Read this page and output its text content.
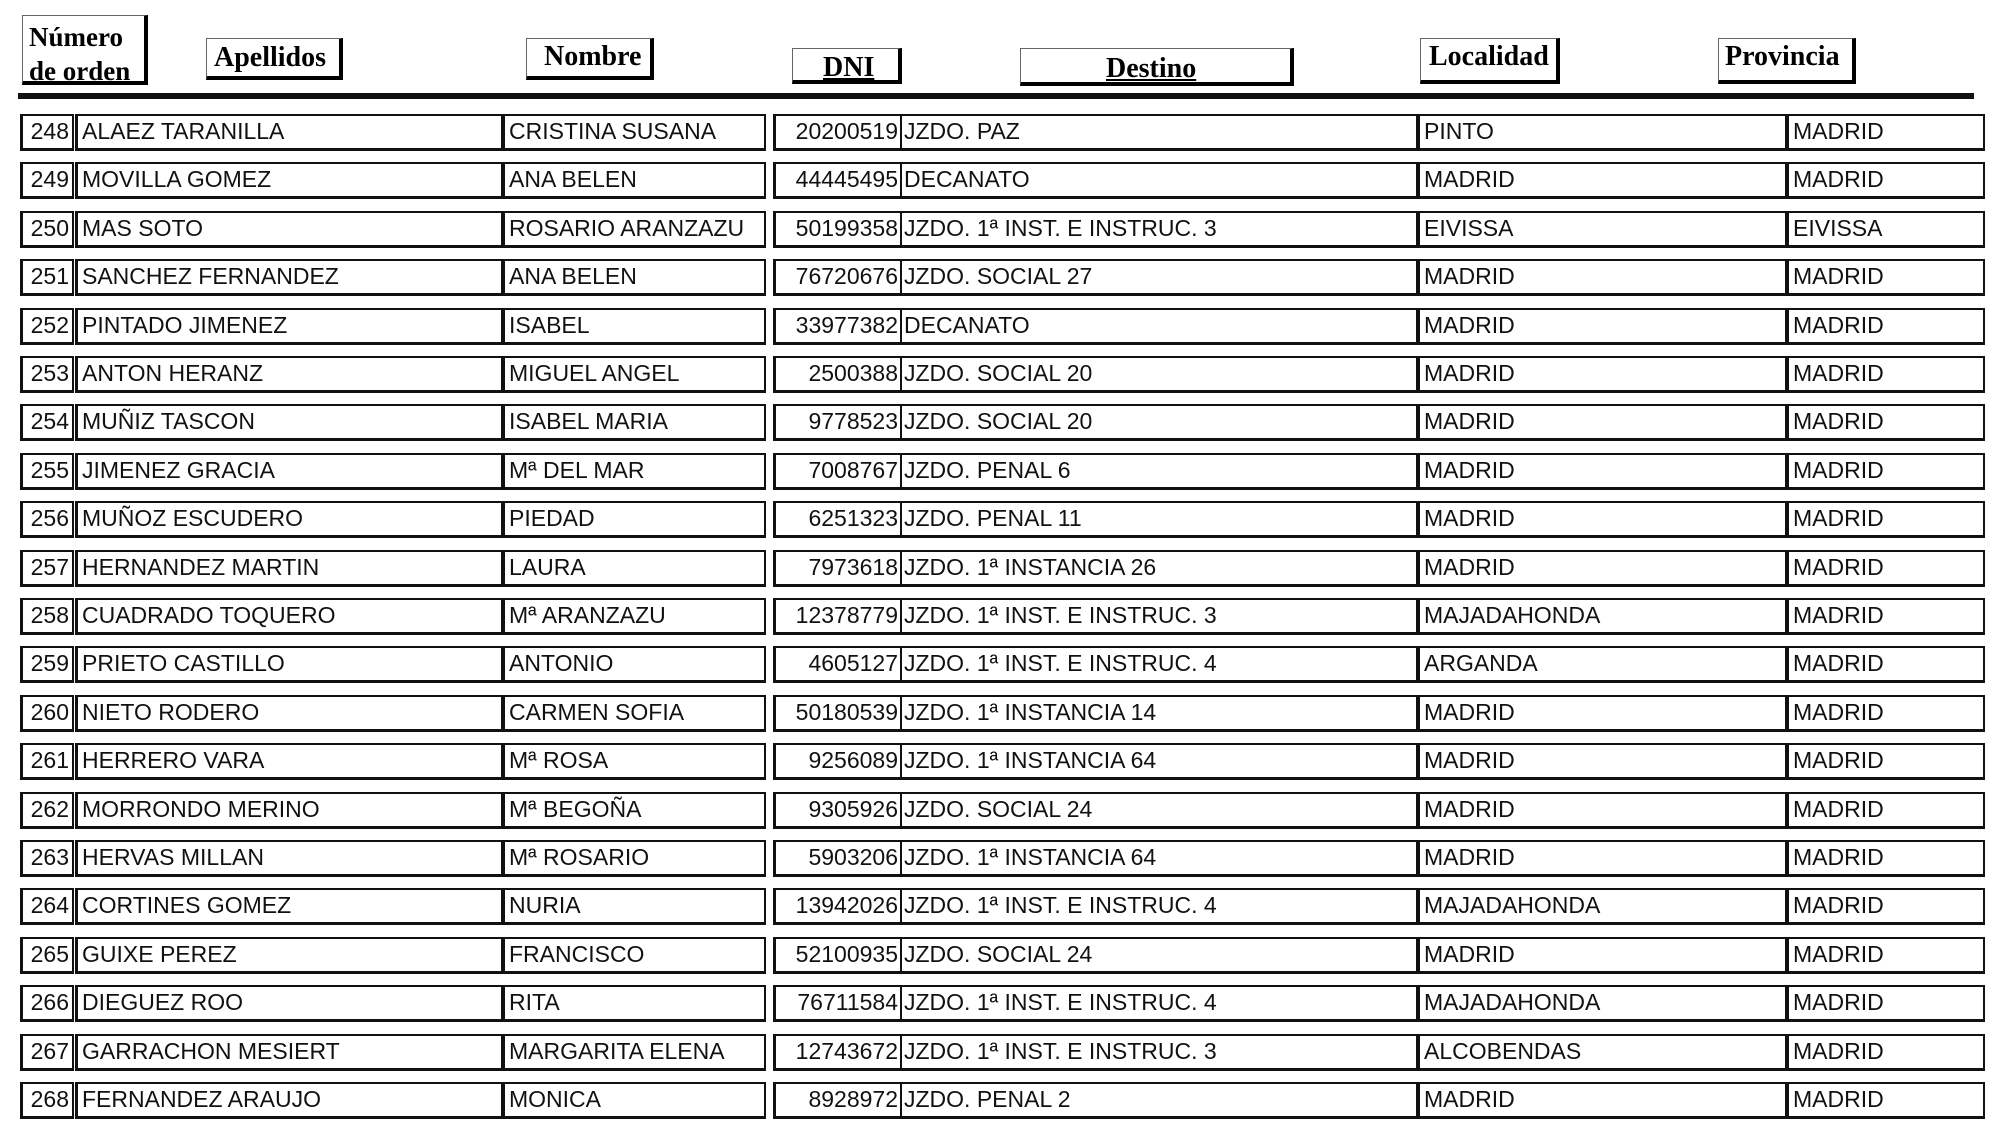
Número
de orden	Apellidos	Nombre	DNI	Destino	Localidad	Provincia
248 ALAEZ TARANILLA	CRISTINA SUSANA	20200519 JZDO. PAZ	PINTO	MADRID
249 MOVILLA GOMEZ	ANA BELEN	44445495 DECANATO	MADRID	MADRID
250 MAS SOTO	ROSARIO ARANZAZU	50199358 JZDO. 1ª INST. E INSTRUC. 3	EIVISSA	EIVISSA
251 SANCHEZ FERNANDEZ	ANA BELEN	76720676 JZDO. SOCIAL 27	MADRID	MADRID
252 PINTADO JIMENEZ	ISABEL	33977382 DECANATO	MADRID	MADRID
253 ANTON HERANZ	MIGUEL ANGEL	2500388 JZDO. SOCIAL 20	MADRID	MADRID
254 MUÑIZ TASCON	ISABEL MARIA	9778523 JZDO. SOCIAL 20	MADRID	MADRID
255 JIMENEZ GRACIA	Mª DEL MAR	7008767 JZDO. PENAL 6	MADRID	MADRID
256 MUÑOZ ESCUDERO	PIEDAD	6251323 JZDO. PENAL 11	MADRID	MADRID
257 HERNANDEZ MARTIN	LAURA	7973618 JZDO. 1ª INSTANCIA 26	MADRID	MADRID
258 CUADRADO TOQUERO	Mª ARANZAZU	12378779 JZDO. 1ª INST. E INSTRUC. 3	MAJADAHONDA	MADRID
259 PRIETO CASTILLO	ANTONIO	4605127 JZDO. 1ª INST. E INSTRUC. 4	ARGANDA	MADRID
260 NIETO RODERO	CARMEN SOFIA	50180539 JZDO. 1ª INSTANCIA 14	MADRID	MADRID
261 HERRERO VARA	Mª ROSA	9256089 JZDO. 1ª INSTANCIA 64	MADRID	MADRID
262 MORRONDO MERINO	Mª BEGOÑA	9305926 JZDO. SOCIAL 24	MADRID	MADRID
263 HERVAS MILLAN	Mª ROSARIO	5903206 JZDO. 1ª INSTANCIA 64	MADRID	MADRID
264 CORTINES GOMEZ	NURIA	13942026 JZDO. 1ª INST. E INSTRUC. 4	MAJADAHONDA	MADRID
265 GUIXE PEREZ	FRANCISCO	52100935 JZDO. SOCIAL 24	MADRID	MADRID
266 DIEGUEZ ROO	RITA	76711584 JZDO. 1ª INST. E INSTRUC. 4	MAJADAHONDA	MADRID
267 GARRACHON MESIERT	MARGARITA ELENA	12743672 JZDO. 1ª INST. E INSTRUC. 3	ALCOBENDAS	MADRID
268 FERNANDEZ ARAUJO	MONICA	8928972 JZDO. PENAL 2	MADRID	MADRID
